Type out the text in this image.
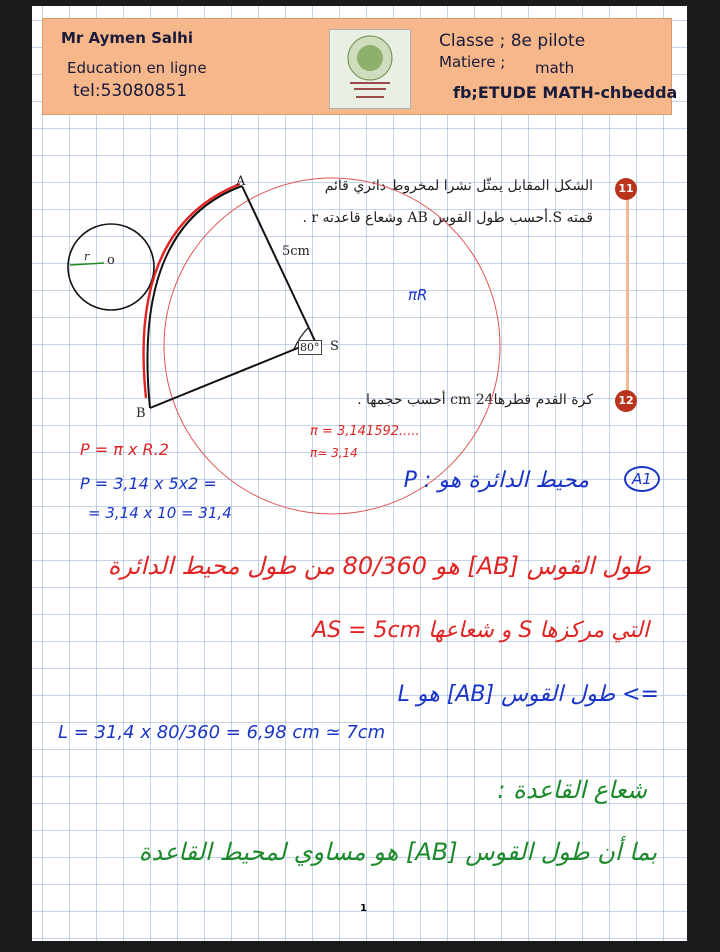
Mr Aymen Salhi
Education en ligne
tel:53080851
Classe ; 8e pilote
Matiere ; math
fb;ETUDE MATH-chbedda
11
الشكل المقابل يمثّل نشرا لمخروط دائري قائم
قمته S.أحسب طول القوس AB وشعاع قاعدته r .
12
كرة القدم قطرها24 cm أحسب حجمها .
A
B
S
o
r	5cm
80°
πR
π = 3,141592.....
π≃ 3,14
P = π x R.2
P = 3,14 x 5x2 =
= 3,14 x 10 = 31,4
A1
محيط الدائرة هو : P
طول القوس [AB] هو 80/360 من طول محيط الدائرة
التي مركزها S و شعاعها AS = 5cm
=> طول القوس [AB] هو L
L = 31,4 x 80/360 = 6,98 cm ≃ 7cm
شعاع القاعدة :
بما أن طول القوس [AB] هو مساوي لمحيط القاعدة
1
